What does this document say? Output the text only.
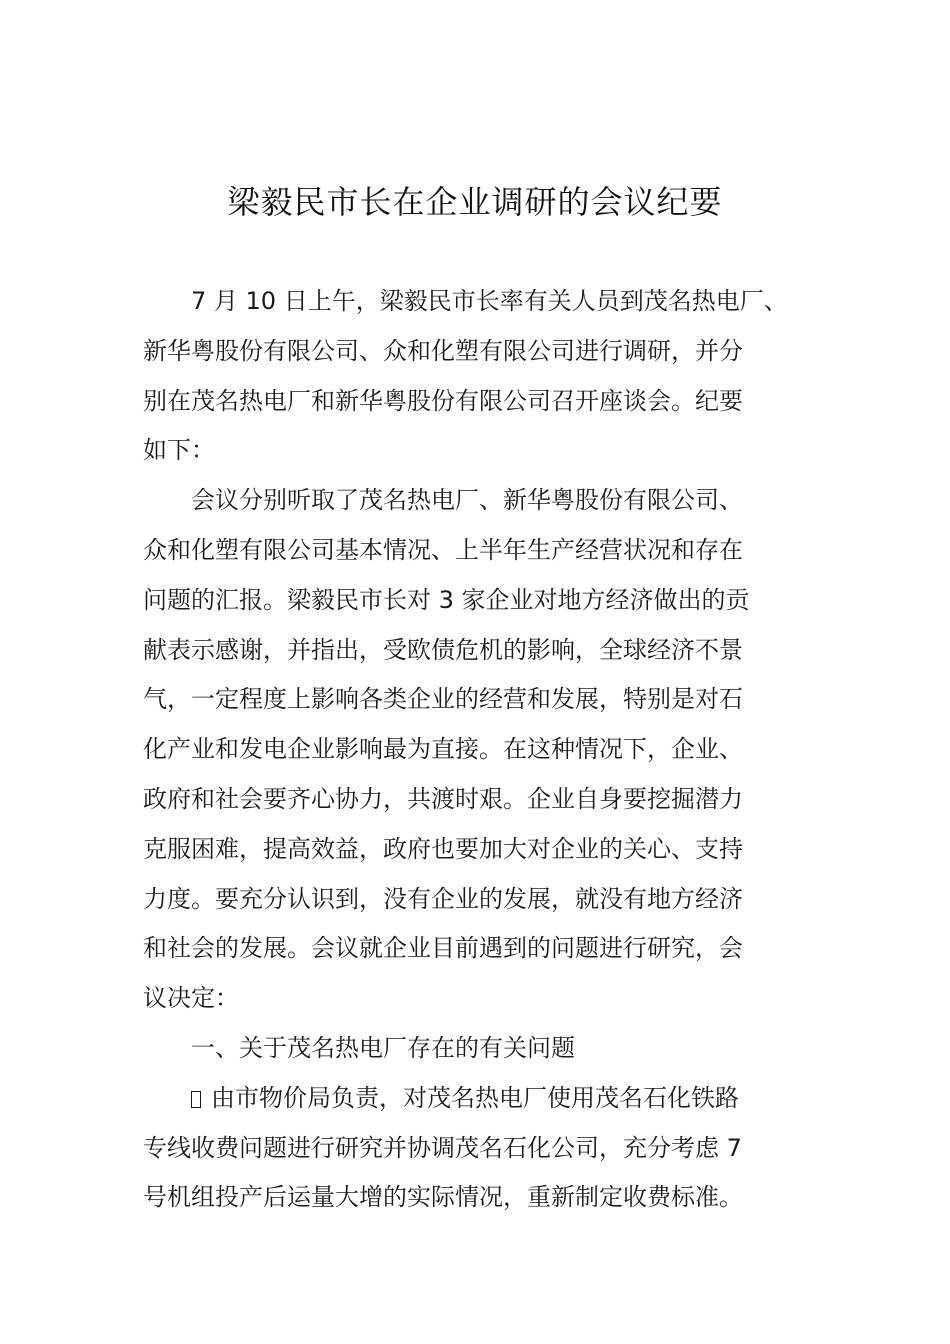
梁毅民市长在企业调研的会议纪要
7 月 10 日上午，梁毅民市长率有关人员到茂名热电厂、
新华粤股份有限公司、众和化塑有限公司进行调研，并分
别在茂名热电厂和新华粤股份有限公司召开座谈会。纪要
如下：
会议分别听取了茂名热电厂、新华粤股份有限公司、
众和化塑有限公司基本情况、上半年生产经营状况和存在
问题的汇报。梁毅民市长对 3 家企业对地方经济做出的贡
献表示感谢，并指出，受欧债危机的影响，全球经济不景
气，一定程度上影响各类企业的经营和发展，特别是对石
化产业和发电企业影响最为直接。在这种情况下，企业、
政府和社会要齐心协力，共渡时艰。企业自身要挖掘潜力
克服困难，提高效益，政府也要加大对企业的关心、支持
力度。要充分认识到，没有企业的发展，就没有地方经济
和社会的发展。会议就企业目前遇到的问题进行研究，会
议决定：
一、关于茂名热电厂存在的有关问题
由市物价局负责，对茂名热电厂使用茂名石化铁路
专线收费问题进行研究并协调茂名石化公司，充分考虑 7
号机组投产后运量大增的实际情况，重新制定收费标准。
